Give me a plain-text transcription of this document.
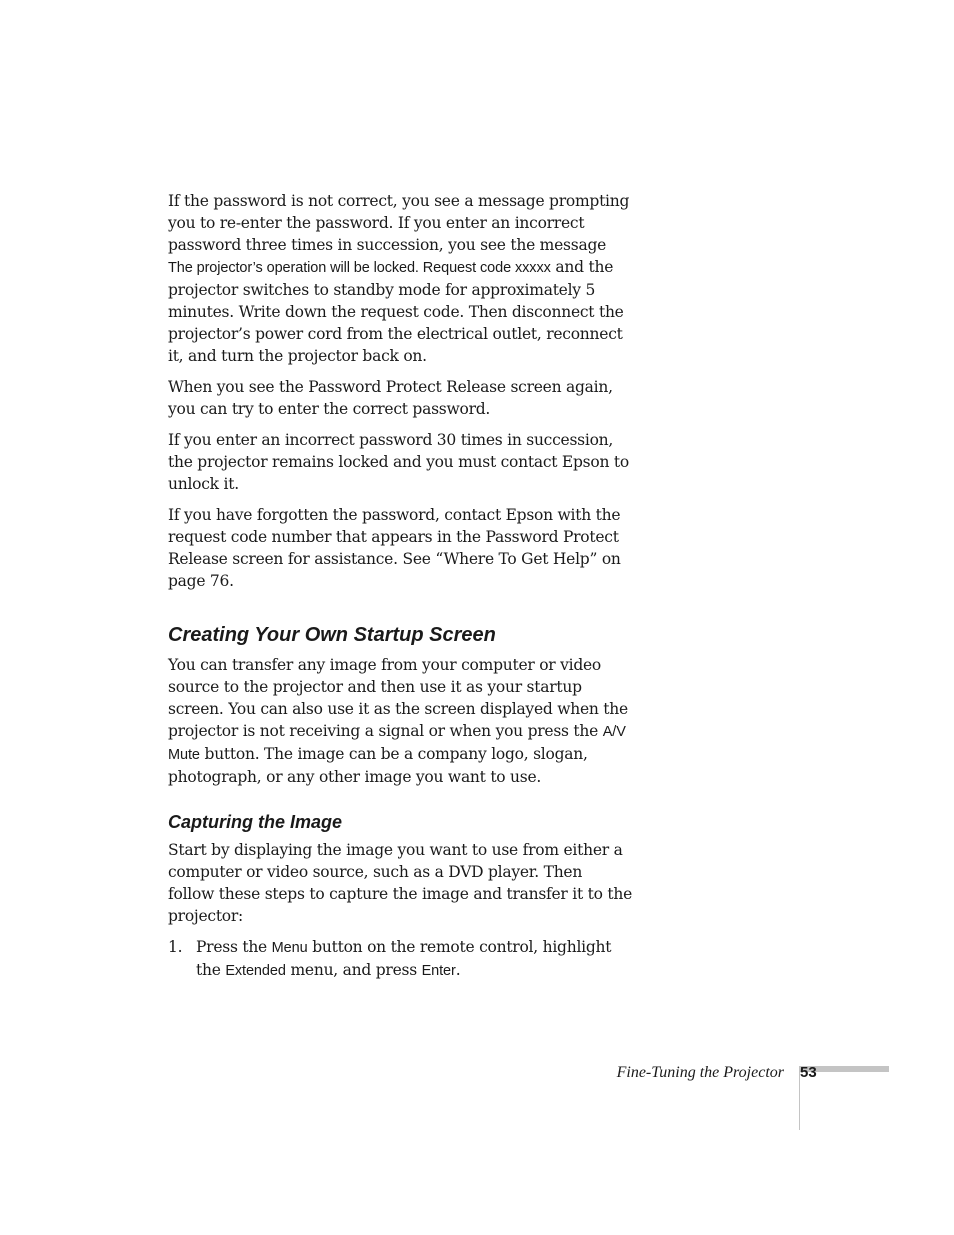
If the password is not correct, you see a message prompting you to re-enter the password. If you enter an incorrect password three times in succession, you see the message The projector’s operation will be locked. Request code xxxxx and the projector switches to standby mode for approximately 5 minutes. Write down the request code. Then disconnect the projector’s power cord from the electrical outlet, reconnect it, and turn the projector back on.

When you see the Password Protect Release screen again, you can try to enter the correct password.

If you enter an incorrect password 30 times in succession, the projector remains locked and you must contact Epson to unlock it.

If you have forgotten the password, contact Epson with the request code number that appears in the Password Protect Release screen for assistance. See “Where To Get Help” on page 76.

Creating Your Own Startup Screen

You can transfer any image from your computer or video source to the projector and then use it as your startup screen. You can also use it as the screen displayed when the projector is not receiving a signal or when you press the A/V Mute button. The image can be a company logo, slogan, photograph, or any other image you want to use.

Capturing the Image

Start by displaying the image you want to use from either a computer or video source, such as a DVD player. Then follow these steps to capture the image and transfer it to the projector:

1. Press the Menu button on the remote control, highlight the Extended menu, and press Enter.

Fine-Tuning the Projector 53
